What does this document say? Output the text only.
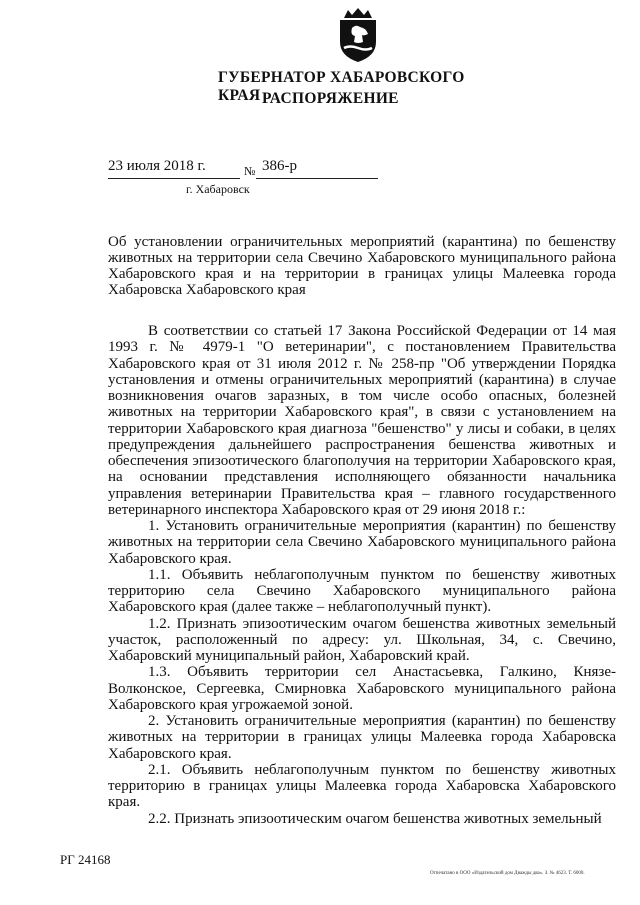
ГУБЕРНАТОР ХАБАРОВСКОГО КРАЯ РАСПОРЯЖЕНИЕ
23 июля 2018 г.	№ 386-р
г. Хабаровск
Об установлении ограничительных мероприятий (карантина) по бешенству животных на территории села Свечино Хабаровского муниципального района Хабаровского края и на территории в границах улицы Малеевка города Хабаровска Хабаровского края

В соответствии со статьей 17 Закона Российской Федерации от 14 мая 1993 г. № 4979-1 "О ветеринарии", с постановлением Правительства Хабаровского края от 31 июля 2012 г. № 258-пр "Об утверждении Порядка установления и отмены ограничительных мероприятий (карантина) в случае возникновения очагов заразных, в том числе особо опасных, болезней животных на территории Хабаровского края", в связи с установлением на территории Хабаровского края диагноза "бешенство" у лисы и собаки, в целях предупреждения дальнейшего распространения бешенства животных и обеспечения эпизоотического благополучия на территории Хабаровского края, на основании представления исполняющего обязанности начальника управления ветеринарии Правительства края – главного государственного ветеринарного инспектора Хабаровского края от 29 июня 2018 г.:

1. Установить ограничительные мероприятия (карантин) по бешенству животных на территории села Свечино Хабаровского муниципального района Хабаровского края.

1.1. Объявить неблагополучным пунктом по бешенству животных территорию села Свечино Хабаровского муниципального района Хабаровского края (далее также – неблагополучный пункт).

1.2. Признать эпизоотическим очагом бешенства животных земельный участок, расположенный по адресу: ул. Школьная, 34, с. Свечино, Хабаровский муниципальный район, Хабаровский край.

1.3. Объявить территории сел Анастасьевка, Галкино, Князе-Волконское, Сергеевка, Смирновка Хабаровского муниципального района Хабаровского края угрожаемой зоной.

2. Установить ограничительные мероприятия (карантин) по бешенству животных на территории в границах улицы Малеевка города Хабаровска Хабаровского края.

2.1. Объявить неблагополучным пунктом по бешенству животных территорию в границах улицы Малеевка города Хабаровска Хабаровского края.

2.2. Признать эпизоотическим очагом бешенства животных земельный

РГ 24168
Отпечатано в ООО «Издательский дом Дважды два». З. № 4623. Т. 6000.
